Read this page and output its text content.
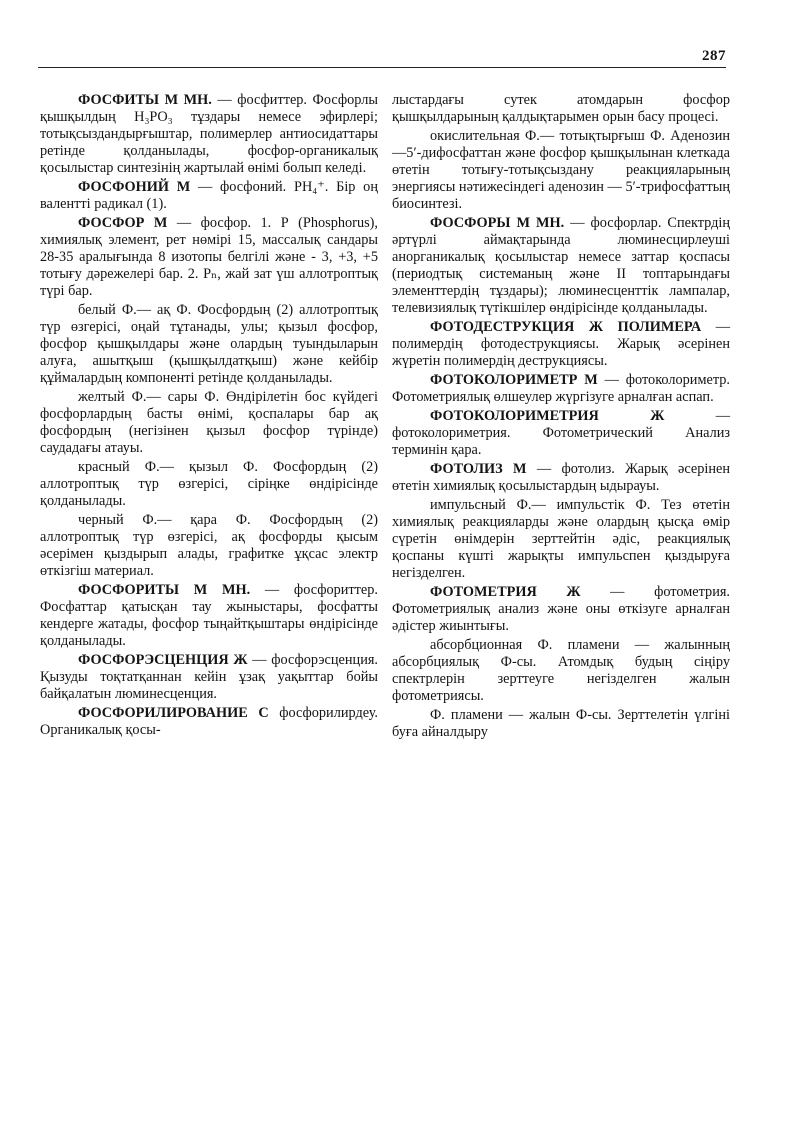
287

ФОСФИТЫ М МН. — фосфиттер. Фосфорлы қышқылдың H₃PO₃ тұздары немесе эфирлері; тотықсыздандырғыштар, полимерлер антиосидаттары ретінде қолданылады, фосфор-органикалық қосылыстар синтезінің жартылай өнімі болып келеді.

ФОСФОНИЙ М — фосфоний. PH₄⁺. Бір оң валентті радикал (1).

ФОСФОР М — фосфор. 1. Р (Phosphorus), химиялық элемент, рет нөмірі 15, массалық сандары 28-35 аралығында 8 изотопы белгілі және - 3, +3, +5 тотығу дәрежелері бар. 2. Pₙ, жай зат үш аллотроптық түрі бар.

белый Ф.— ақ Ф. Фосфордың (2) аллотроптық түр өзгерісі, оңай тұтанады, улы; қызыл фосфор, фосфор қышқылдары және олардың туындыларын алуға, ашытқыш (қышқылдатқыш) және кейбір құймалардың компоненті ретінде қолданылады.

желтый Ф.— сары Ф. Өндірілетін бос күйдегі фосфорлардың басты өнімі, қоспалары бар ақ фосфордың (негізінен қызыл фосфор түрінде) саудадағы атауы.

красный Ф.— қызыл Ф. Фосфордың (2) аллотроптық түр өзгерісі, сіріңке өндірісінде қолданылады.

черный Ф.— қара Ф. Фосфордың (2) аллотроптық түр өзгерісі, ақ фосфорды қысым әсерімен қыздырып алады, графитке ұқсас электр өткізгіш материал.

ФОСФОРИТЫ М МН. — фосфориттер. Фосфаттар қатысқан тау жыныстары, фосфатты кендерге жатады, фосфор тыңайтқыштары өндірісінде қолданылады.

ФОСФОРЭСЦЕНЦИЯ Ж — фосфорэсценция. Қызуды тоқтатқаннан кейін ұзақ уақыттар бойы байқалатын люминесценция.

ФОСФОРИЛИРОВАНИЕ С фосфорилирдеу. Органикалық қосы-

лыстардағы сутек атомдарын фосфор қышқылдарының қалдықтарымен орын басу процесі.

окислительная Ф.— тотықтырғыш Ф. Аденозин —5′-дифосфаттан және фосфор қышқылынан клеткада өтетін тотығу-тотықсыздану реакцияларының энергиясы нәтижесіндегі аденозин — 5′-трифосфаттың биосинтезі.

ФОСФОРЫ М МН. — фосфорлар. Спектрдің әртүрлі аймақтарында люминесцирлеуші анорганикалық қосылыстар немесе заттар қоспасы (периодтық системаның және II топтарындағы элементтердің тұздары); люминесценттік лампалар, телевизиялық түтікшілер өндірісінде қолданылады.

ФОТОДЕСТРУКЦИЯ Ж ПОЛИМЕРА — полимердің фотодеструкциясы. Жарық әсерінен жүретін полимердің деструкциясы.

ФОТОКОЛОРИМЕТР М — фотоколориметр. Фотометриялық өлшеулер жүргізуге арналған аспап.

ФОТОКОЛОРИМЕТРИЯ Ж — фотоколориметрия. Фотометрический Анализ терминін қара.

ФОТОЛИЗ М — фотолиз. Жарық әсерінен өтетін химиялық қосылыстардың ыдырауы.

импульсный Ф.— импульстік Ф. Тез өтетін химиялық реакцияларды және олардың қысқа өмір сүретін өнімдерін зерттейтін әдіс, реакциялық қоспаны күшті жарықты импульспен қыздыруға негізделген.

ФОТОМЕТРИЯ Ж — фотометрия. Фотометриялық анализ және оны өткізуге арналған әдістер жиынтығы.

абсорбционная Ф. пламени — жалынның абсорбциялық Ф-сы. Атомдық будың сіңіру спектрлерін зерттеуге негізделген жалын фотометриясы.

Ф. пламени — жалын Ф-сы. Зерттелетін үлгіні буға айналдыру
